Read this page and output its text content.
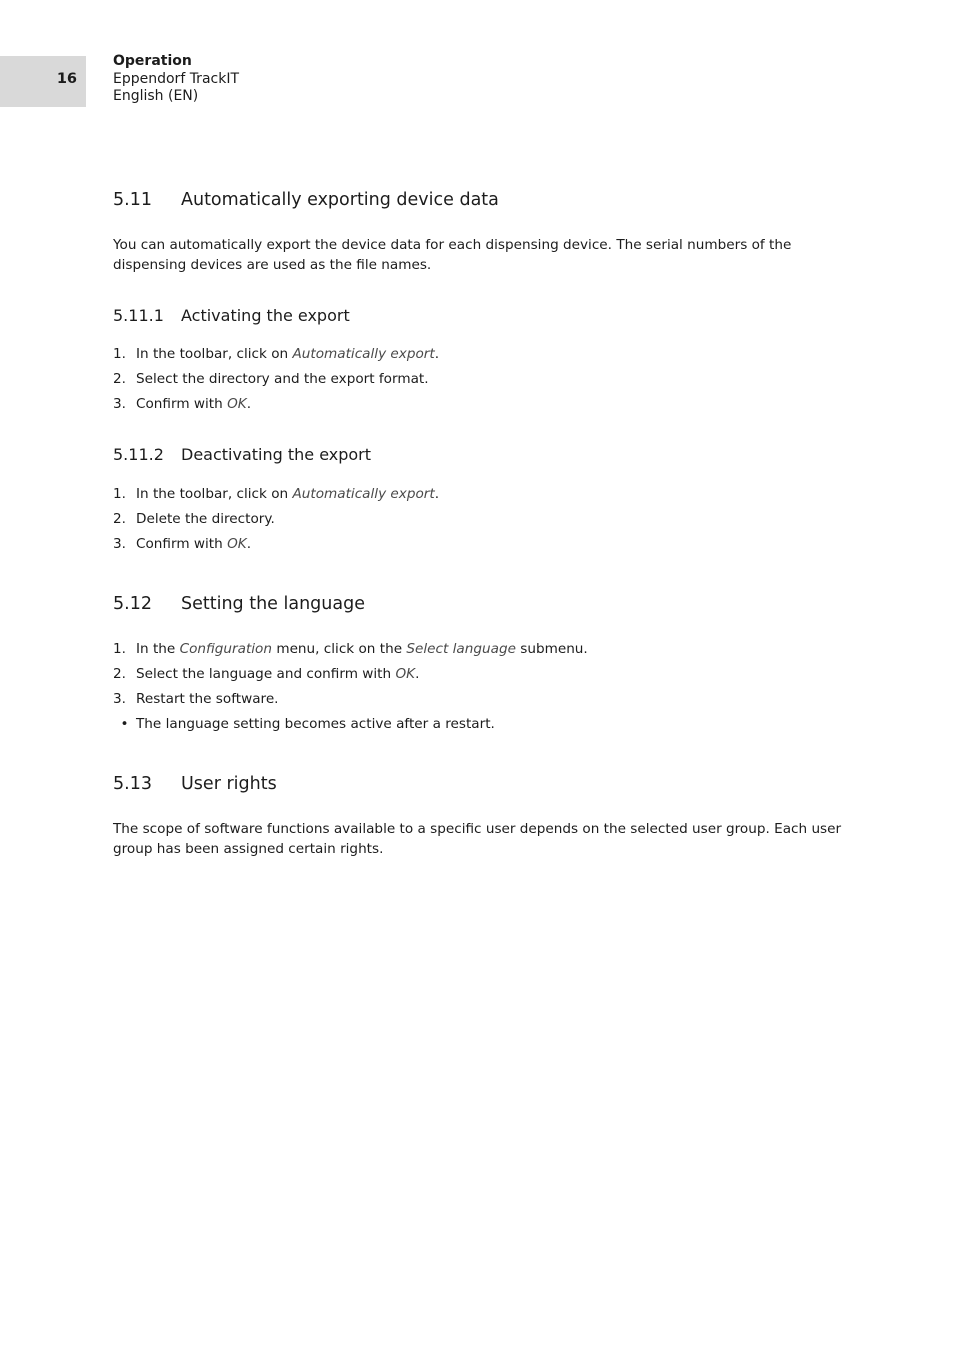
16
Operation
Eppendorf TrackIT
English (EN)
5.11 Automatically exporting device data
You can automatically export the device data for each dispensing device. The serial numbers of the dispensing devices are used as the file names.
5.11.1 Activating the export
1. In the toolbar, click on Automatically export.
2. Select the directory and the export format.
3. Confirm with OK.
5.11.2 Deactivating the export
1. In the toolbar, click on Automatically export.
2. Delete the directory.
3. Confirm with OK.
5.12 Setting the language
1. In the Configuration menu, click on the Select language submenu.
2. Select the language and confirm with OK.
3. Restart the software.
• The language setting becomes active after a restart.
5.13 User rights
The scope of software functions available to a specific user depends on the selected user group. Each user group has been assigned certain rights.
